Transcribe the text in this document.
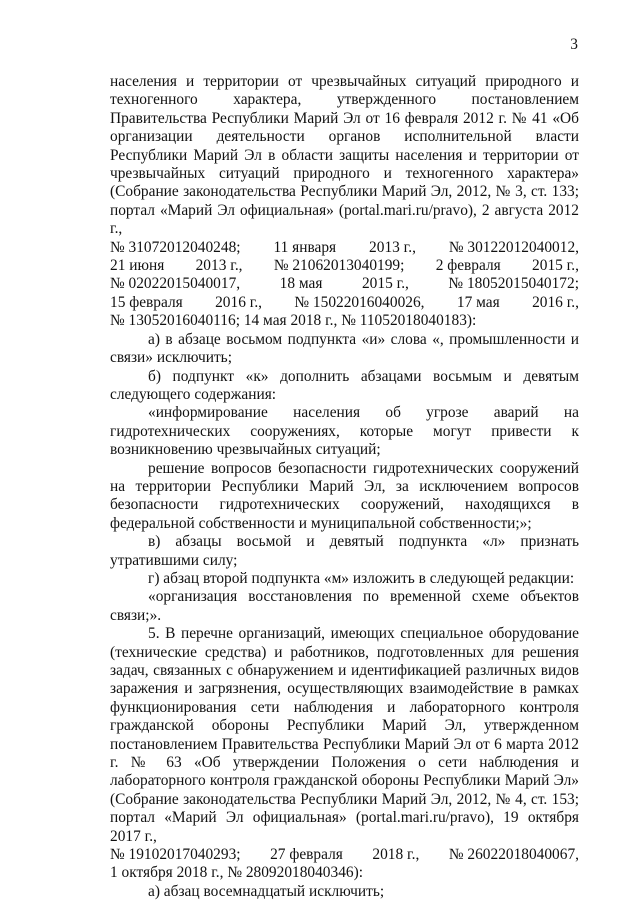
3

населения и территории от чрезвычайных ситуаций природного и техногенного характера, утвержденного постановлением Правительства Республики Марий Эл от 16 февраля 2012 г. № 41 «Об организации деятельности органов исполнительной власти Республики Марий Эл в области защиты населения и территории от чрезвычайных ситуаций природного и техногенного характера» (Собрание законодательства Республики Марий Эл, 2012, № 3, ст. 133; портал «Марий Эл официальная» (portal.mari.ru/pravo), 2 августа 2012 г.,

№ 31072012040248; 11 января 2013 г., № 30122012040012,
21 июня 2013 г., № 21062013040199; 2 февраля 2015 г.,
№ 02022015040017,	18 мая	2015 г.,	№ 18052015040172;
15 февраля 2016 г., № 15022016040026, 17 мая 2016 г.,

№ 13052016040116; 14 мая 2018 г., № 11052018040183):

а) в абзаце восьмом подпункта «и» слова «, промышленности и связи» исключить;

б) подпункт «к» дополнить абзацами восьмым и девятым следующего содержания:

«информирование населения об угрозе аварий на гидротехнических сооружениях, которые могут привести к возникновению чрезвычайных ситуаций;

решение вопросов безопасности гидротехнических сооружений на территории Республики Марий Эл, за исключением вопросов безопасности гидротехнических сооружений, находящихся в федеральной собственности и муниципальной собственности;»;

в) абзацы восьмой и девятый подпункта «л» признать утратившими силу;

г) абзац второй подпункта «м» изложить в следующей редакции:

«организация восстановления по временной схеме объектов связи;».

5. В перечне организаций, имеющих специальное оборудование (технические средства) и работников, подготовленных для решения задач, связанных с обнаружением и идентификацией различных видов заражения и загрязнения, осуществляющих взаимодействие в рамках функционирования сети наблюдения и лабораторного контроля гражданской обороны Республики Марий Эл, утвержденном постановлением Правительства Республики Марий Эл от 6 марта 2012 г. № 63 «Об утверждении Положения о сети наблюдения и лабораторного контроля гражданской обороны Республики Марий Эл» (Собрание законодательства Республики Марий Эл, 2012, № 4, ст. 153; портал «Марий Эл официальная» (portal.mari.ru/pravo), 19 октября 2017 г.,

№ 19102017040293; 27 февраля 2018 г., № 26022018040067,

1 октября 2018 г., № 28092018040346):

а) абзац восемнадцатый исключить;
